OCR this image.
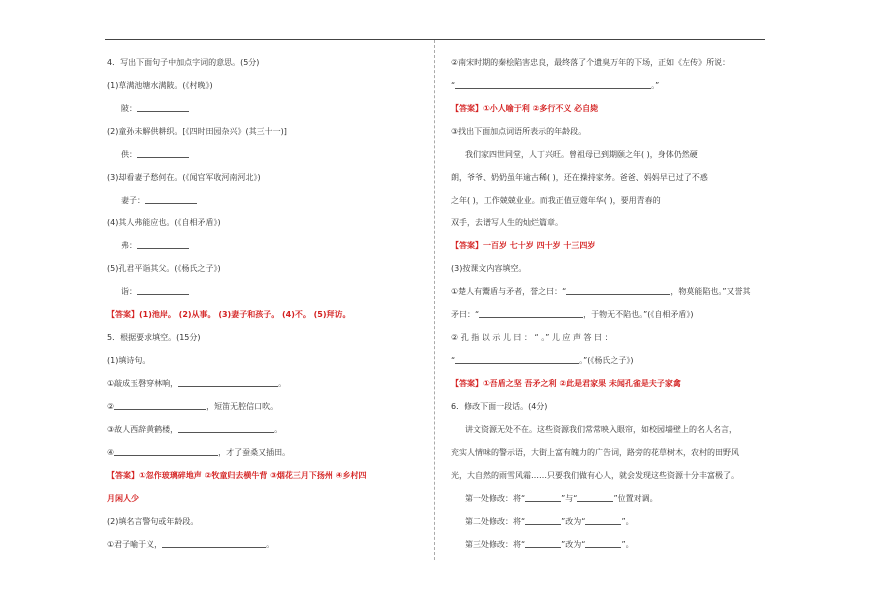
4．写出下面句子中加点字词的意思。(5分)
(1)草满池塘水满陂。(《村晚》)
陂：
(2)童孙未解供耕织。[《四时田园杂兴》(其三十一)]
供：
(3)却看妻子愁何在。(《闻官军收河南河北》)
妻子：
(4)其人弗能应也。(《自相矛盾》)
弗：
(5)孔君平诣其父。(《杨氏之子》)
诣：
【答案】(1)池岸。 (2)从事。 (3)妻子和孩子。 (4)不。 (5)拜访。
5．根据要求填空。(15分)
(1)填诗句。
①敲成玉磬穿林响，	。
②	，短笛无腔信口吹。
③故人西辞黄鹤楼，	。
④	，才了蚕桑又插田。
【答案】①忽作玻璃碎地声 ②牧童归去横牛背 ③烟花三月下扬州 ④乡村四
月闲人少
(2)填名言警句或年龄段。
①君子喻于义，	。
②南宋时期的秦桧陷害忠良，最终落了个遗臭万年的下场，正如《左传》所说：
“	。”
【答案】①小人喻于利 ②多行不义 必自毙
③找出下面加点词语所表示的年龄段。
我们家四世同堂，人丁兴旺。曾祖母已到期颐之年( )，身体仍然硬
朗，爷爷、奶奶虽年逾古稀( )，还在操持家务。爸爸、妈妈早已过了不惑
之年( )，工作兢兢业业。而我正值豆蔻年华( )，要用青春的
双手，去谱写人生的灿烂篇章。
【答案】一百岁 七十岁 四十岁 十三四岁
(3)按课文内容填空。
①楚人有鬻盾与矛者，誉之曰：“	，物莫能陷也。”又誉其
矛曰：“	，于物无不陷也。”(《自相矛盾》)
② 孔 指 以 示 儿 曰 ： “ 。” 儿 应 声 答 曰 ：
“	。”(《杨氏之子》)
【答案】①吾盾之坚 吾矛之利 ②此是君家果 未闻孔雀是夫子家禽
6．修改下面一段话。(4分)
讲文资源无处不在。这些资源我们常常映入眼帘，如校园墙壁上的名人名言，
充实人情味的警示语，大街上富有魄力的广告词，路旁的花草树木，农村的田野风
光，大自然的雨雪风霜……只要我们做有心人，就会发现这些资源十分丰富极了。
第一处修改：将“	”与“	”位置对调。
第二处修改：将“	”改为“	”。
第三处修改：将“	”改为“	”。
